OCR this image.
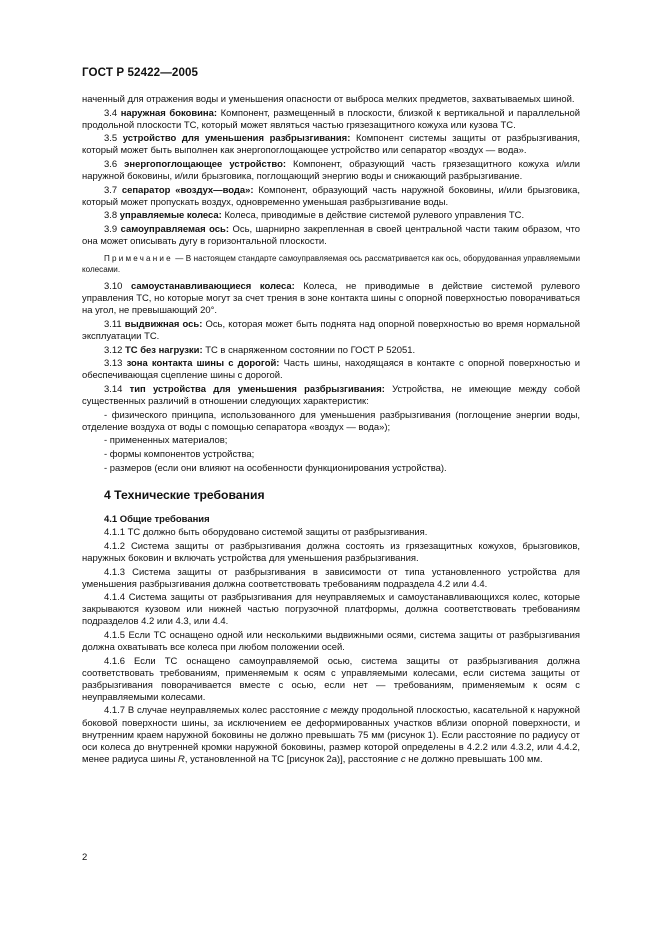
ГОСТ Р 52422—2005

наченный для отражения воды и уменьшения опасности от выброса мелких предметов, захватываемых шиной.

3.4 наружная боковина: Компонент, размещенный в плоскости, близкой к вертикальной и параллельной продольной плоскости ТС, который может являться частью грязезащитного кожуха или кузова ТС.

3.5 устройство для уменьшения разбрызгивания: Компонент системы защиты от разбрызгивания, который может быть выполнен как энергопоглощающее устройство или сепаратор «воздух — вода».

3.6 энергопоглощающее устройство: Компонент, образующий часть грязезащитного кожуха и/или наружной боковины, и/или брызговика, поглощающий энергию воды и снижающий разбрызгивание.

3.7 сепаратор «воздух—вода»: Компонент, образующий часть наружной боковины, и/или брызговика, который может пропускать воздух, одновременно уменьшая разбрызгивание воды.

3.8 управляемые колеса: Колеса, приводимые в действие системой рулевого управления ТС.

3.9 самоуправляемая ось: Ось, шарнирно закрепленная в своей центральной части таким образом, что она может описывать дугу в горизонтальной плоскости.

Примечание — В настоящем стандарте самоуправляемая ось рассматривается как ось, оборудованная управляемыми колесами.

3.10 самоустанавливающиеся колеса: Колеса, не приводимые в действие системой рулевого управления ТС, но которые могут за счет трения в зоне контакта шины с опорной поверхностью поворачиваться на угол, не превышающий 20°.

3.11 выдвижная ось: Ось, которая может быть поднята над опорной поверхностью во время нормальной эксплуатации ТС.

3.12 ТС без нагрузки: ТС в снаряженном состоянии по ГОСТ Р 52051.

3.13 зона контакта шины с дорогой: Часть шины, находящаяся в контакте с опорной поверхностью и обеспечивающая сцепление шины с дорогой.

3.14 тип устройства для уменьшения разбрызгивания: Устройства, не имеющие между собой существенных различий в отношении следующих характеристик:

- физического принципа, использованного для уменьшения разбрызгивания (поглощение энергии воды, отделение воздуха от воды с помощью сепаратора «воздух — вода»);

- примененных материалов;

- формы компонентов устройства;

- размеров (если они влияют на особенности функционирования устройства).

4 Технические требования
4.1 Общие требования

4.1.1 ТС должно быть оборудовано системой защиты от разбрызгивания.

4.1.2 Система защиты от разбрызгивания должна состоять из грязезащитных кожухов, брызговиков, наружных боковин и включать устройства для уменьшения разбрызгивания.

4.1.3 Система защиты от разбрызгивания в зависимости от типа установленного устройства для уменьшения разбрызгивания должна соответствовать требованиям подраздела 4.2 или 4.4.

4.1.4 Система защиты от разбрызгивания для неуправляемых и самоустанавливающихся колес, которые закрываются кузовом или нижней частью погрузочной платформы, должна соответствовать требованиям подразделов 4.2 или 4.3, или 4.4.

4.1.5 Если ТС оснащено одной или несколькими выдвижными осями, система защиты от разбрызгивания должна охватывать все колеса при любом положении осей.

4.1.6 Если ТС оснащено самоуправляемой осью, система защиты от разбрызгивания должна соответствовать требованиям, применяемым к осям с управляемыми колесами, если система защиты от разбрызгивания поворачивается вместе с осью, если нет — требованиям, применяемым к осям с неуправляемыми колесами.

4.1.7 В случае неуправляемых колес расстояние c между продольной плоскостью, касательной к наружной боковой поверхности шины, за исключением ее деформированных участков вблизи опорной поверхности, и внутренним краем наружной боковины не должно превышать 75 мм (рисунок 1). Если расстояние по радиусу от оси колеса до внутренней кромки наружной боковины, размер которой определены в 4.2.2 или 4.3.2, или 4.4.2, менее радиуса шины R, установленной на ТС [рисунок 2а)], расстояние c не должно превышать 100 мм.

2
